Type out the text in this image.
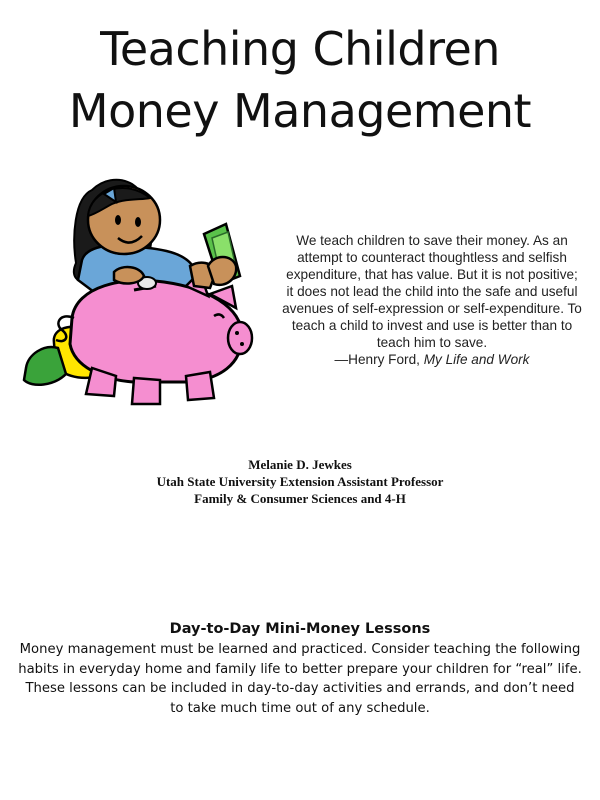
Teaching Children
Money Management

We teach children to save their money. As an attempt to counteract thoughtless and selfish expenditure, that has value. But it is not positive; it does not lead the child into the safe and useful avenues of self-expression or self-expenditure. To teach a child to invest and use is better than to teach him to save.

—Henry Ford, My Life and Work

Melanie D. Jewkes
Utah State University Extension Assistant Professor
Family & Consumer Sciences and 4-H
Day-to-Day Mini-Money Lessons

Money management must be learned and practiced. Consider teaching the following habits in everyday home and family life to better prepare your children for “real” life. These lessons can be included in day-to-day activities and errands, and don’t need to take much time out of any schedule.
